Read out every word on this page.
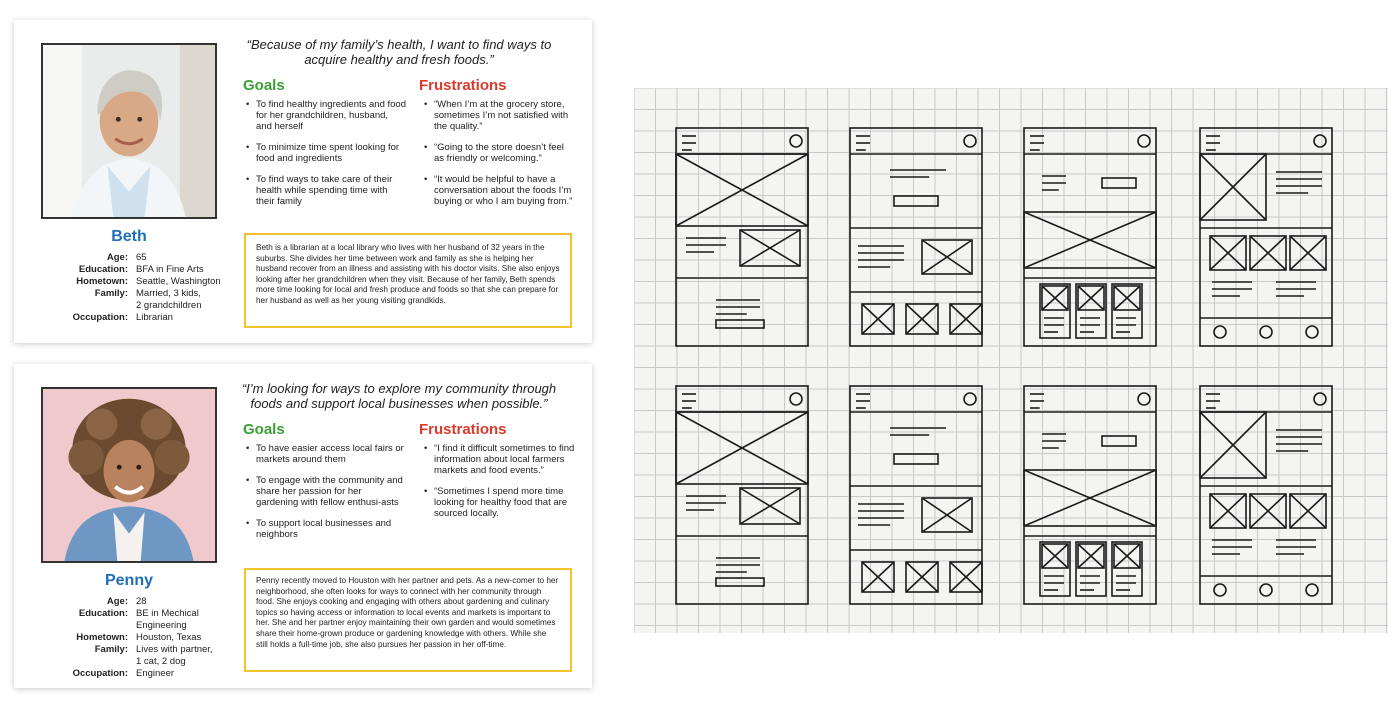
Beth
Age: 65
Education: BFA in Fine Arts
Hometown: Seattle, Washington
Family: Married, 3 kids,
2 grandchildren
Occupation: Librarian
“Because of my family’s health, I want to find ways to acquire healthy and fresh foods.”
Goals	Frustrations
• To find healthy ingredients and food for her grandchildren, husband, and herself
• To minimize time spent looking for food and ingredients
• To find ways to take care of their health while spending time with their family
• “When I’m at the grocery store, sometimes I’m not satisfied with the quality.”
• “Going to the store doesn’t feel as friendly or welcoming.”
• “It would be helpful to have a conversation about the foods I’m buying or who I am buying from.”
Beth is a librarian at a local library who lives with her husband of 32 years in the suburbs. She divides her time between work and family as she is helping her husband recover from an illness and assisting with his doctor visits. She also enjoys looking after her grandchildren when they visit. Because of her family, Beth spends more time looking for local and fresh produce and foods so that she can prepare for her husband as well as her young visiting grandkids.
Penny
Age: 28
Education: BE in Mechical Engineering
Hometown: Houston, Texas
Family: Lives with partner,
1 cat, 2 dog
Occupation: Engineer
“I’m looking for ways to explore my community through foods and support local businesses when possible.”
Goals	Frustrations
• To have easier access local fairs or markets around them
• To engage with the community and share her passion for her gardening with fellow enthusi-asts
• To support local businesses and neighbors
• “I find it difficult sometimes to find information about local farmers markets and food events.”
• “Sometimes I spend more time looking for healthy food that are sourced locally.
Penny recently moved to Houston with her partner and pets. As a new-comer to her neighborhood, she often looks for ways to connect with her community through food. She enjoys cooking and engaging with others about gardening and culinary topics so having access or information to local events and markets is important to her. She and her partner enjoy maintaining their own garden and would sometimes share their home-grown produce or gardening knowledge with others. While she still holds a full-time job, she also pursues her passion in her off-time.
